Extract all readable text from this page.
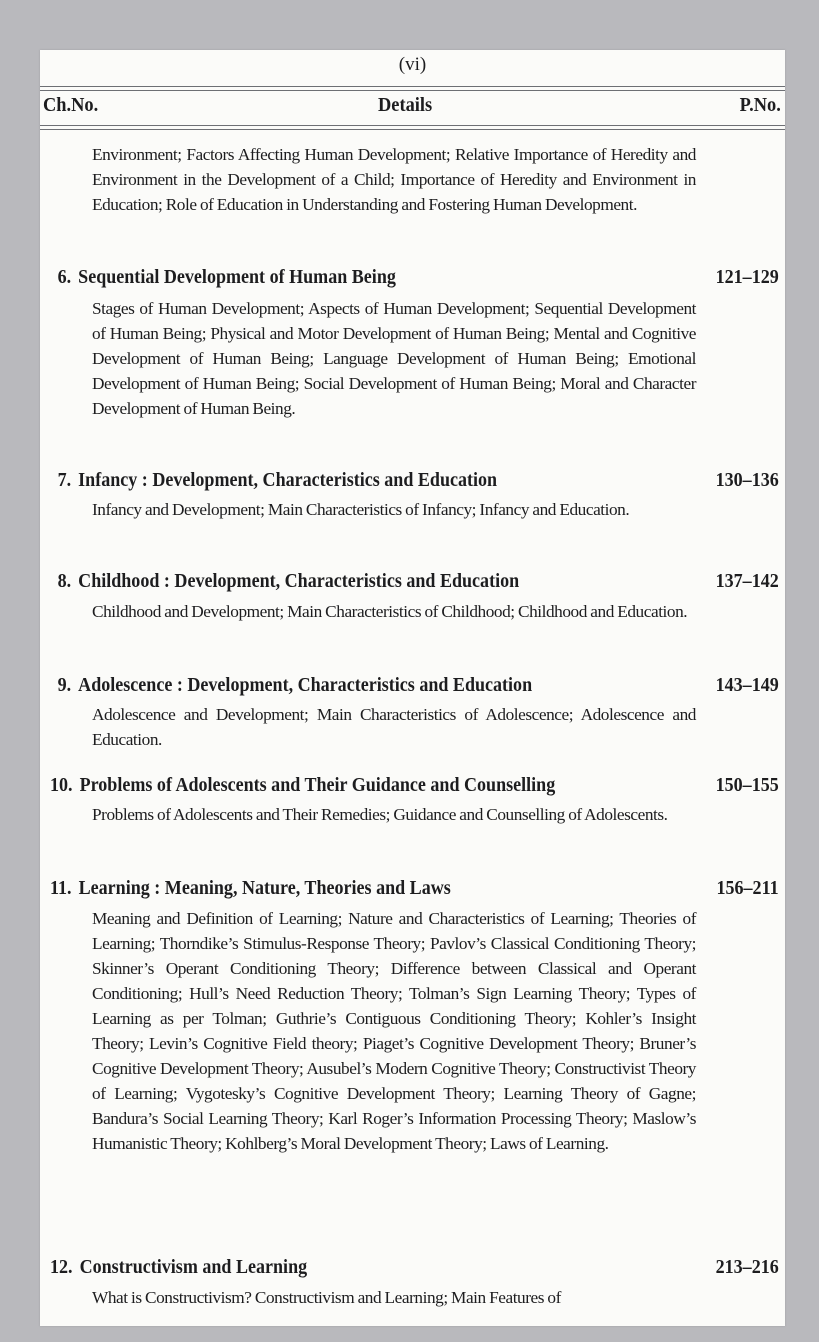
(vi)
Ch.No.	Details	P.No.
Environment; Factors Affecting Human Development; Relative Importance of Heredity and Environment in the Development of a Child; Importance of Heredity and Environment in Education; Role of Education in Understanding and Fostering Human Development.
6. Sequential Development of Human Being	121–129
Stages of Human Development; Aspects of Human Development; Sequential Development of Human Being; Physical and Motor Development of Human Being; Mental and Cognitive Development of Human Being; Language Development of Human Being; Emotional Development of Human Being; Social Development of Human Being; Moral and Character Development of Human Being.
7. Infancy : Development, Characteristics and Education	130–136
Infancy and Development; Main Characteristics of Infancy; Infancy and Education.
8. Childhood : Development, Characteristics and Education	137–142
Childhood and Development; Main Characteristics of Childhood; Childhood and Education.
9. Adolescence : Development, Characteristics and Education	143–149
Adolescence and Development; Main Characteristics of Adolescence; Adolescence and Education.
10. Problems of Adolescents and Their Guidance and Counselling	150–155
Problems of Adolescents and Their Remedies; Guidance and Counselling of Adolescents.
11. Learning : Meaning, Nature, Theories and Laws	156–211
Meaning and Definition of Learning; Nature and Characteristics of Learning; Theories of Learning; Thorndike’s Stimulus-Response Theory; Pavlov’s Classical Conditioning Theory; Skinner’s Operant Conditioning Theory; Difference between Classical and Operant Conditioning; Hull’s Need Reduction Theory; Tolman’s Sign Learning Theory; Types of Learning as per Tolman; Guthrie’s Contiguous Conditioning Theory; Kohler’s Insight Theory; Levin’s Cognitive Field theory; Piaget’s Cognitive Development Theory; Bruner’s Cognitive Development Theory; Ausubel’s Modern Cognitive Theory; Constructivist Theory of Learning; Vygotesky’s Cognitive Development Theory; Learning Theory of Gagne; Bandura’s Social Learning Theory; Karl Roger’s Information Processing Theory; Maslow’s Humanistic Theory; Kohlberg’s Moral Development Theory; Laws of Learning.
12. Constructivism and Learning	213–216
What is Constructivism? Constructivism and Learning; Main Features of
